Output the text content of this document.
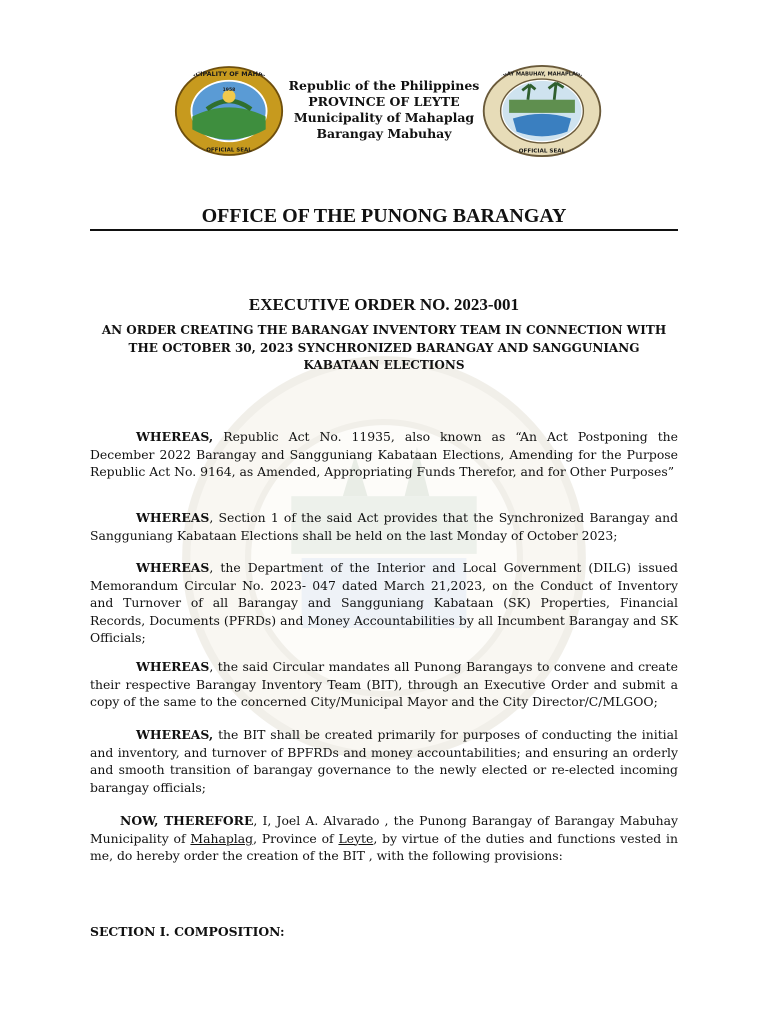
1958
MUNICIPALITY OF MAHAPLAG
OFFICIAL SEAL
Republic of the Philippines
PROVINCE OF LEYTE
Municipality of Mahaplag
Barangay Mabuhay
BARANGAY MABUHAY, MAHAPLAG, LEYTE
OFFICIAL SEAL
OFFICE OF THE PUNONG BARANGAY
EXECUTIVE ORDER NO. 2023-001
AN ORDER CREATING THE BARANGAY INVENTORY TEAM IN CONNECTION WITH THE OCTOBER 30, 2023 SYNCHRONIZED BARANGAY AND SANGGUNIANG KABATAAN ELECTIONS
WHEREAS, Republic Act No. 11935, also known as “An Act Postponing the December 2022 Barangay and Sangguniang Kabataan Elections, Amending for the Purpose Republic Act No. 9164, as Amended, Appropriating Funds Therefor, and for Other Purposes”
WHEREAS, Section 1 of the said Act provides that the Synchronized Barangay and Sangguniang Kabataan Elections shall be held on the last Monday of October 2023;
WHEREAS, the Department of the Interior and Local Government (DILG) issued Memorandum Circular No. 2023- 047 dated March 21,2023, on the Conduct of Inventory and Turnover of all Barangay and Sangguniang Kabataan (SK) Properties, Financial Records, Documents (PFRDs) and Money Accountabilities by all Incumbent Barangay and SK Officials;
WHEREAS, the said Circular mandates all Punong Barangays to convene and create their respective Barangay Inventory Team (BIT), through an Executive Order and submit a copy of the same to the concerned City/Municipal Mayor and the City Director/C/MLGOO;
WHEREAS, the BIT shall be created primarily for purposes of conducting the initial and inventory, and turnover of BPFRDs and money accountabilities; and ensuring an orderly and smooth transition of barangay governance to the newly elected or re-elected incoming barangay officials;
NOW, THEREFORE, I, Joel A. Alvarado , the Punong Barangay of Barangay Mabuhay Municipality of Mahaplag, Province of Leyte, by virtue of the duties and functions vested in me, do hereby order the creation of the BIT , with the following provisions:
SECTION I. COMPOSITION:
